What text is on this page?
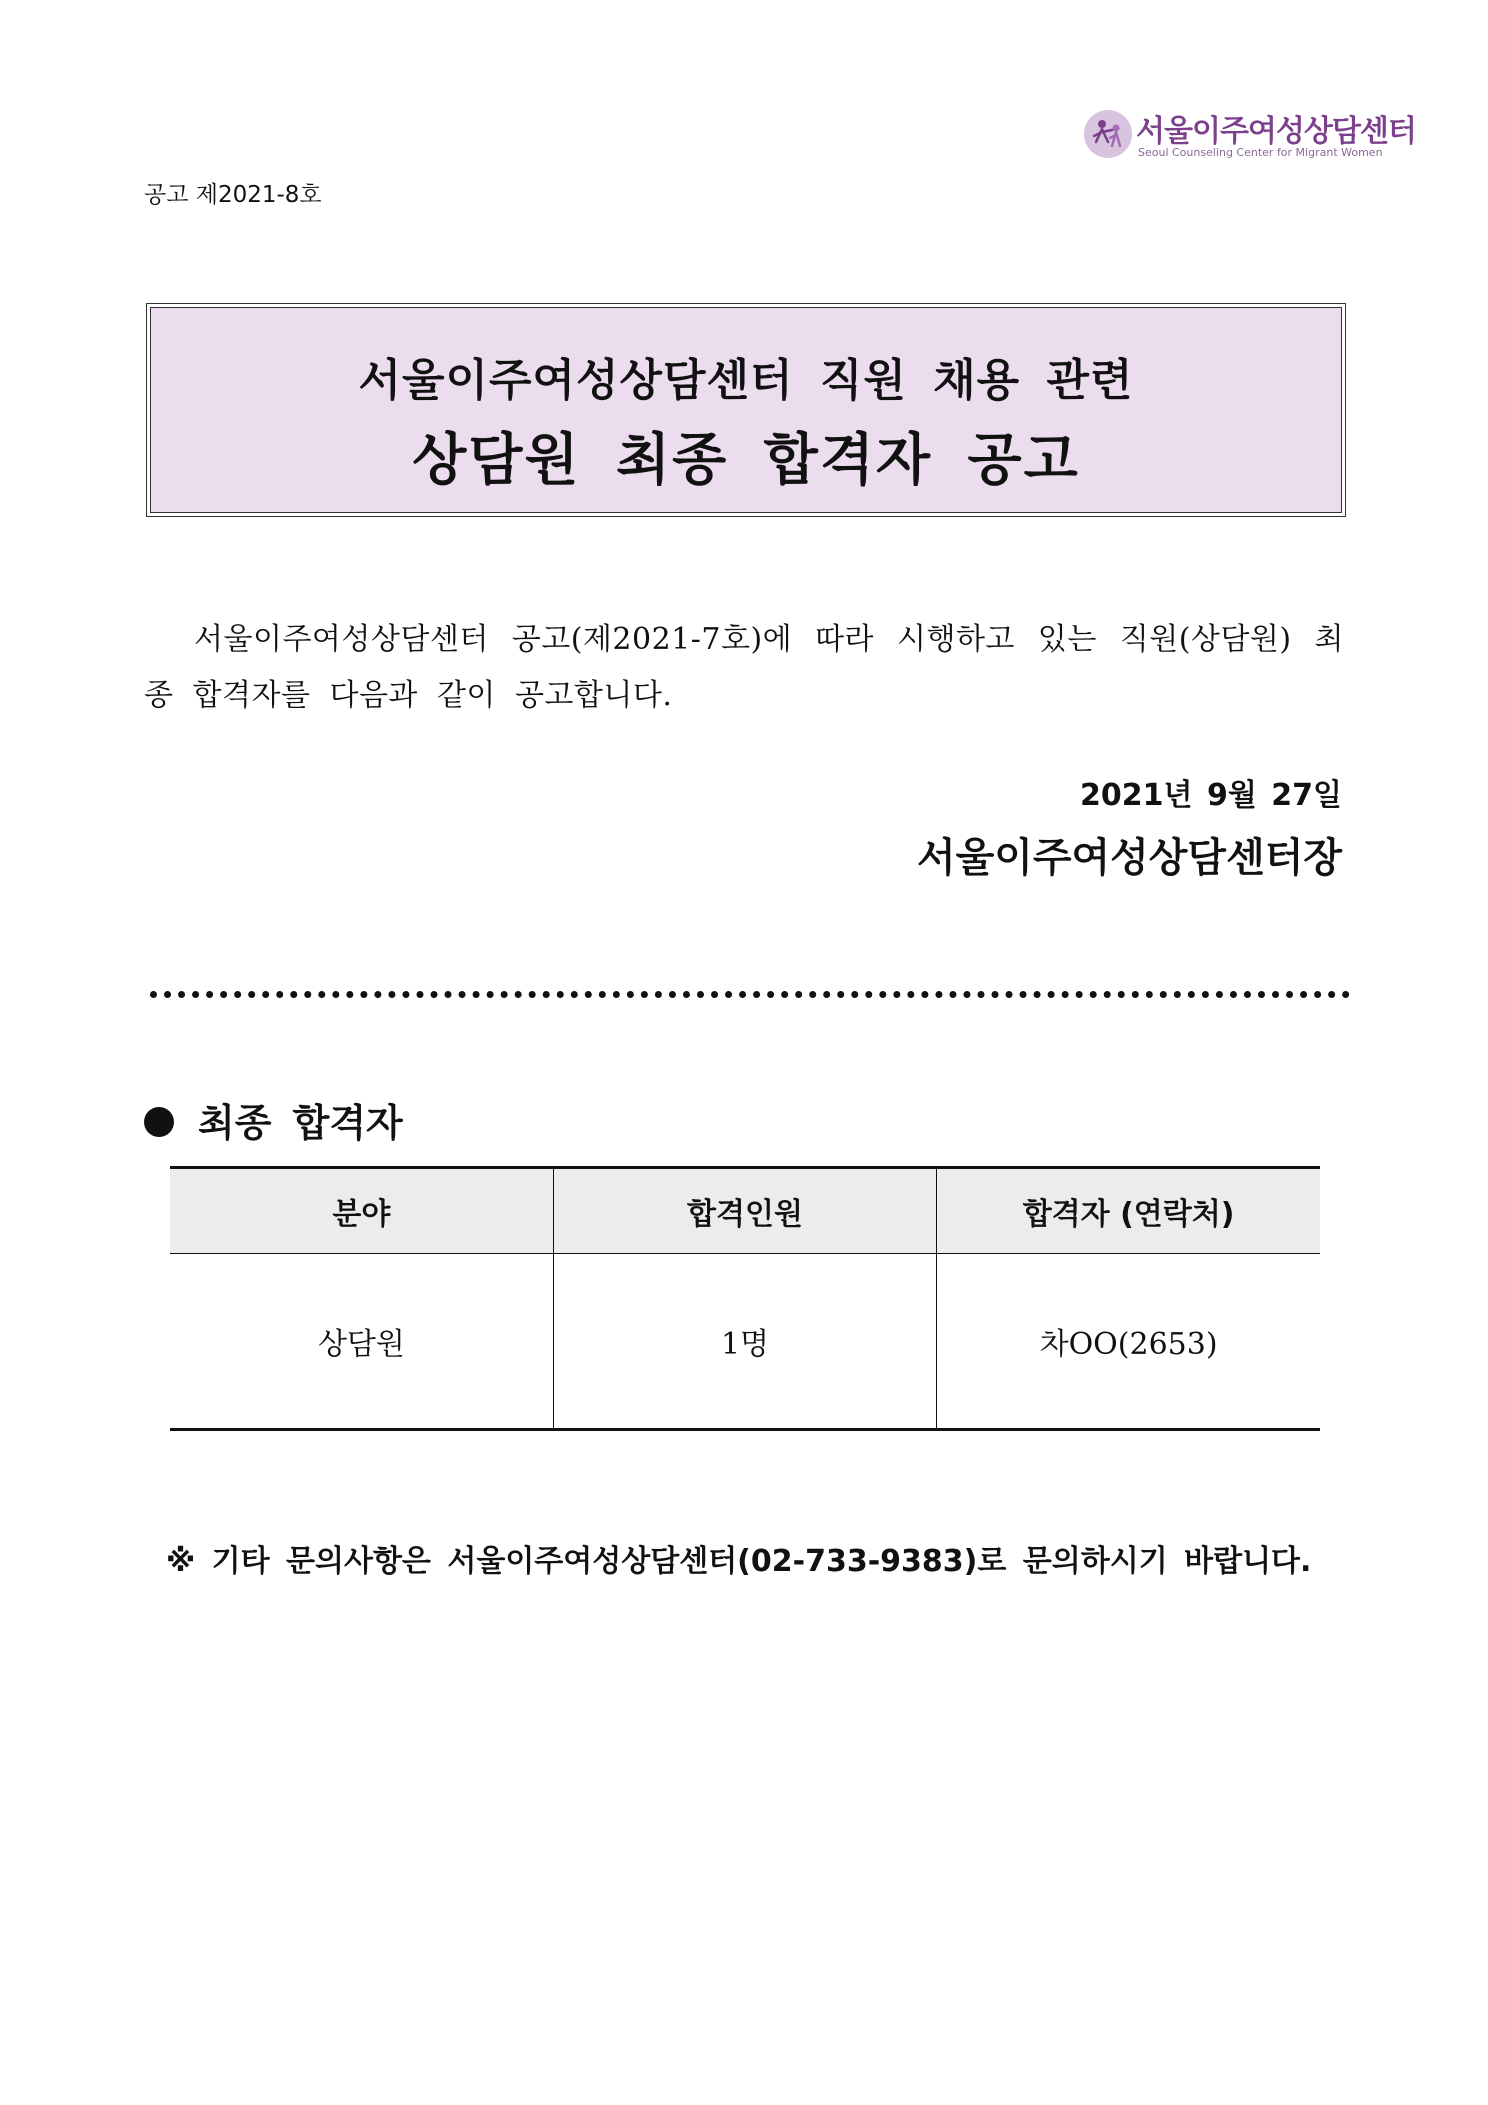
서울이주여성상담센터
Seoul Counseling Center for Migrant Women
공고 제2021-8호
서울이주여성상담센터 직원 채용 관련
상담원 최종 합격자 공고

서울이주여성상담센터 공고(제2021-7호)에 따라 시행하고 있는 직원(상담원) 최종 합격자를 다음과 같이 공고합니다.

2021년 9월 27일
서울이주여성상담센터장
최종 합격자
분야	합격인원	합격자 (연락처)
상담원	1명	차OO(2653)
※ 기타 문의사항은 서울이주여성상담센터(02-733-9383)로 문의하시기 바랍니다.
